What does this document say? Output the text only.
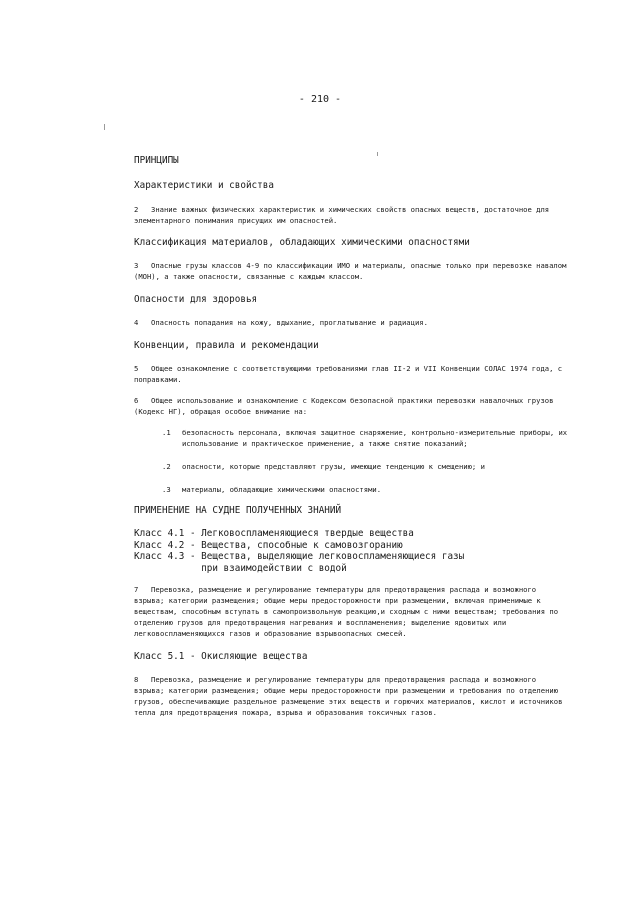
- 210 -

ПРИНЦИПЫ

Характеристики и свойства

2 Знание важных физических характеристик и химических свойств опасных веществ, достаточное для элементарного понимания присущих им опасностей.

Классификация материалов, обладающих химическими опасностями

3 Опасные грузы классов 4-9 по классификации ИМО и материалы, опасные только при перевозке навалом (МОН), а также опасности, связанные с каждым классом.

Опасности для здоровья

4 Опасность попадания на кожу, вдыхание, проглатывание и радиация.

Конвенции, правила и рекомендации

5 Общее ознакомление с соответствующими требованиями глав II-2 и VII Конвенции СОЛАС 1974 года, с поправками.

6 Общее использование и ознакомление с Кодексом безопасной практики перевозки навалочных грузов (Кодекс НГ), обращая особое внимание на:

.1 безопасность персонала, включая защитное снаряжение, контрольно-измерительные приборы, их использование и практическое применение, а также снятие показаний;

.2 опасности, которые представляют грузы, имеющие тенденцию к смещению; и

.3 материалы, обладающие химическими опасностями.

ПРИМЕНЕНИЕ НА СУДНЕ ПОЛУЧЕННЫХ ЗНАНИЙ

Класс 4.1 - Легковоспламеняющиеся твердые вещества

Класс 4.2 - Вещества, способные к самовозгоранию

Класс 4.3 - Вещества, выделяющие легковоспламеняющиеся газы

при взаимодействии с водой

7 Перевозка, размещение и регулирование температуры для предотвращения распада и возможного взрыва; категории размещения; общие меры предосторожности при размещении, включая применимые к веществам, способным вступать в самопроизвольную реакцию,и сходным с ними веществам; требования по отделению грузов для предотвращения нагревания и воспламенения; выделение ядовитых или легковоспламеняющихся газов и образование взрывоопасных смесей.

Класс 5.1 - Окисляющие вещества

8 Перевозка, размещение и регулирование температуры для предотвращения распада и возможного взрыва; категории размещения; общие меры предосторожности при размещении и требования по отделению грузов, обеспечивающие раздельное размещение этих веществ и горючих материалов, кислот и источников тепла для предотвращения пожара, взрыва и образования токсичных газов.
